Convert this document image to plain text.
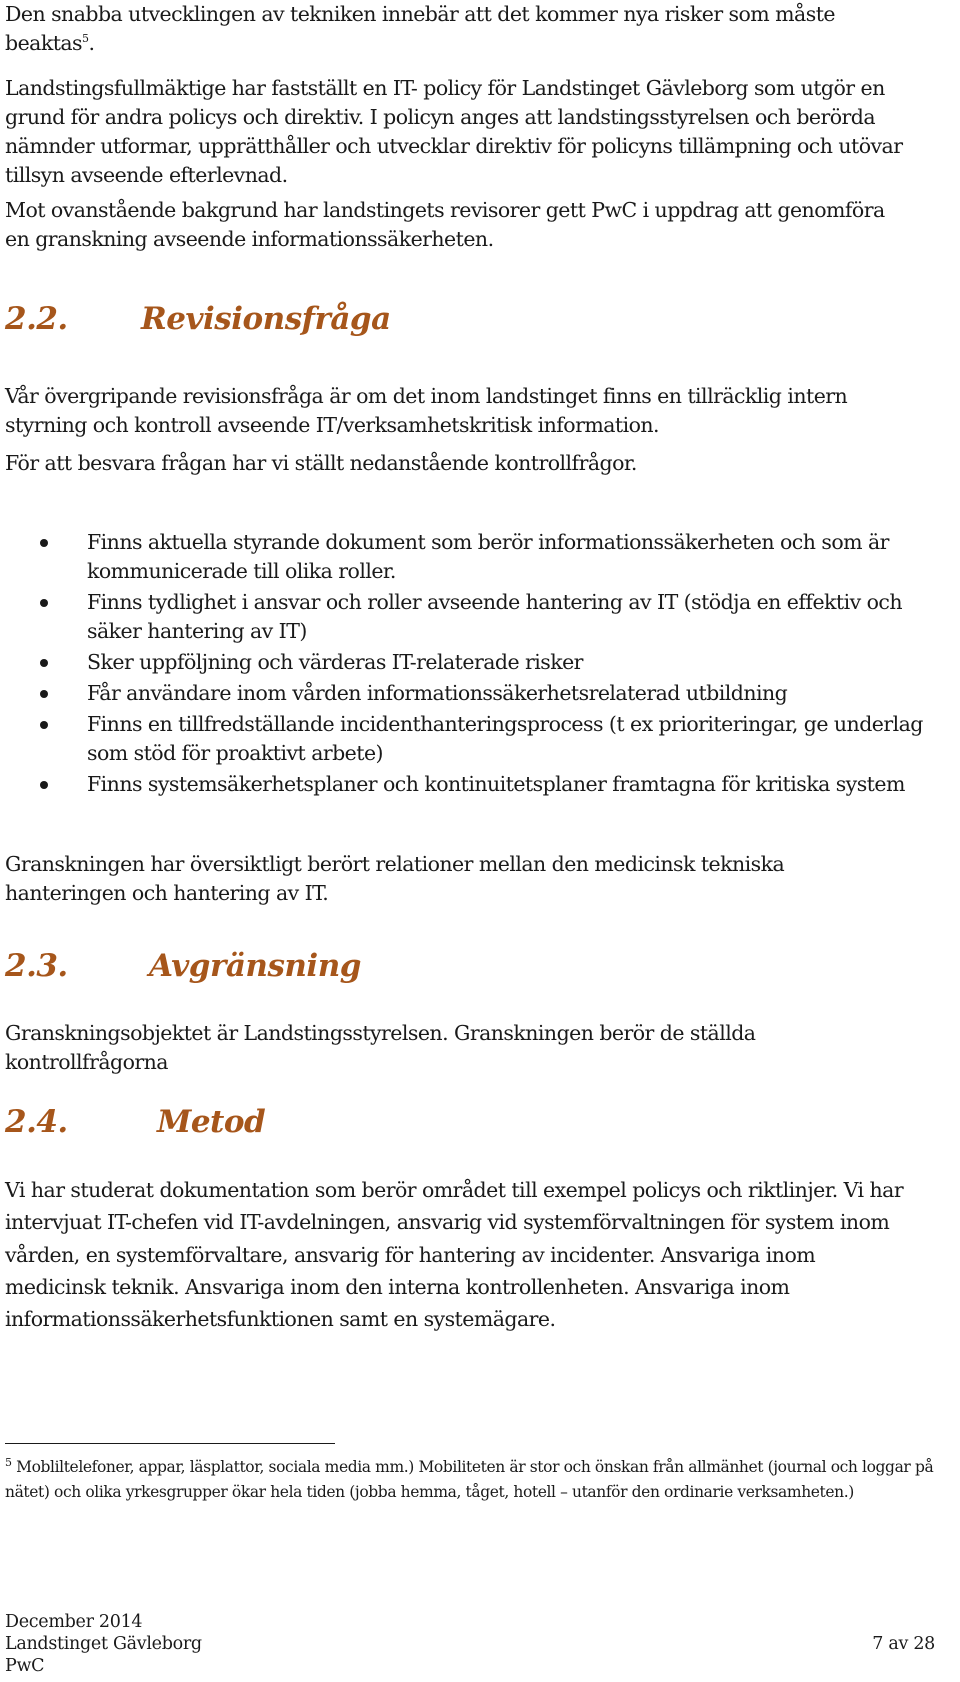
Den snabba utvecklingen av tekniken innebär att det kommer nya risker som måste beaktas$^5$.

Landstingsfullmäktige har fastställt en IT- policy för Landstinget Gävleborg som utgör en grund för andra policys och direktiv. I policyn anges att landstingsstyrelsen och berörda nämnder utformar, upprätthåller och utvecklar direktiv för policyns tillämpning och utövar tillsyn avseende efterlevnad.

Mot ovanstående bakgrund har landstingets revisorer gett PwC i uppdrag att genomföra en granskning avseende informationssäkerheten.

2.2. Revisionsfråga

Vår övergripande revisionsfråga är om det inom landstinget finns en tillräcklig intern styrning och kontroll avseende IT/verksamhetskritisk information.

För att besvara frågan har vi ställt nedanstående kontrollfrågor.

Finns aktuella styrande dokument som berör informationssäkerheten och som är kommunicerade till olika roller.
Finns tydlighet i ansvar och roller avseende hantering av IT (stödja en effektiv och säker hantering av IT)
Sker uppföljning och värderas IT-relaterade risker
Får användare inom vården informationssäkerhetsrelaterad utbildning
Finns en tillfredställande incidenthanteringsprocess (t ex prioriteringar, ge underlag som stöd för proaktivt arbete)
Finns systemsäkerhetsplaner och kontinuitetsplaner framtagna för kritiska system

Granskningen har översiktligt berört relationer mellan den medicinsk tekniska hanteringen och hantering av IT.

2.3.	Avgränsning

Granskningsobjektet är Landstingsstyrelsen. Granskningen berör de ställda kontrollfrågorna

2.4.	Metod

Vi har studerat dokumentation som berör området till exempel policys och riktlinjer. Vi har intervjuat IT-chefen vid IT-avdelningen, ansvarig vid systemförvaltningen för system inom vården, en systemförvaltare, ansvarig för hantering av incidenter. Ansvariga inom medicinsk teknik. Ansvariga inom den interna kontrollenheten. Ansvariga inom informationssäkerhetsfunktionen samt en systemägare.

$^5$ Mobliltelefoner, appar, läsplattor, sociala media mm.) Mobiliteten är stor och önskan från allmänhet (journal och loggar på nätet) och olika yrkesgrupper ökar hela tiden (jobba hemma, tåget, hotell – utanför den ordinarie verksamheten.)

December 2014
Landstinget Gävleborg
PwC
7 av 28
